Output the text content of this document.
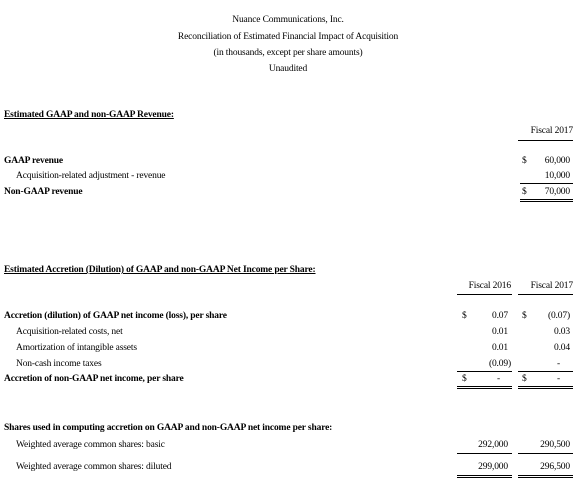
Nuance Communications, Inc.
Reconciliation of Estimated Financial Impact of Acquisition
(in thousands, except per share amounts)
Unaudited
Estimated GAAP and non-GAAP Revenue:
Fiscal 2017
GAAP revenue	$	60,000
Acquisition-related adjustment - revenue	10,000
Non-GAAP revenue	$	70,000
Estimated Accretion (Dilution) of GAAP and non-GAAP Net Income per Share:
Fiscal 2016	Fiscal 2017
Accretion (dilution) of GAAP net income (loss), per share	$	0.07 $	(0.07)
Acquisition-related costs, net	0.01	0.03
Amortization of intangible assets	0.01	0.04
Non-cash income taxes	(0.09)	-
Accretion of non-GAAP net income, per share	$	- $	-
Shares used in computing accretion on GAAP and non-GAAP net income per share:
Weighted average common shares: basic	292,000	290,500
Weighted average common shares: diluted	299,000	296,500
